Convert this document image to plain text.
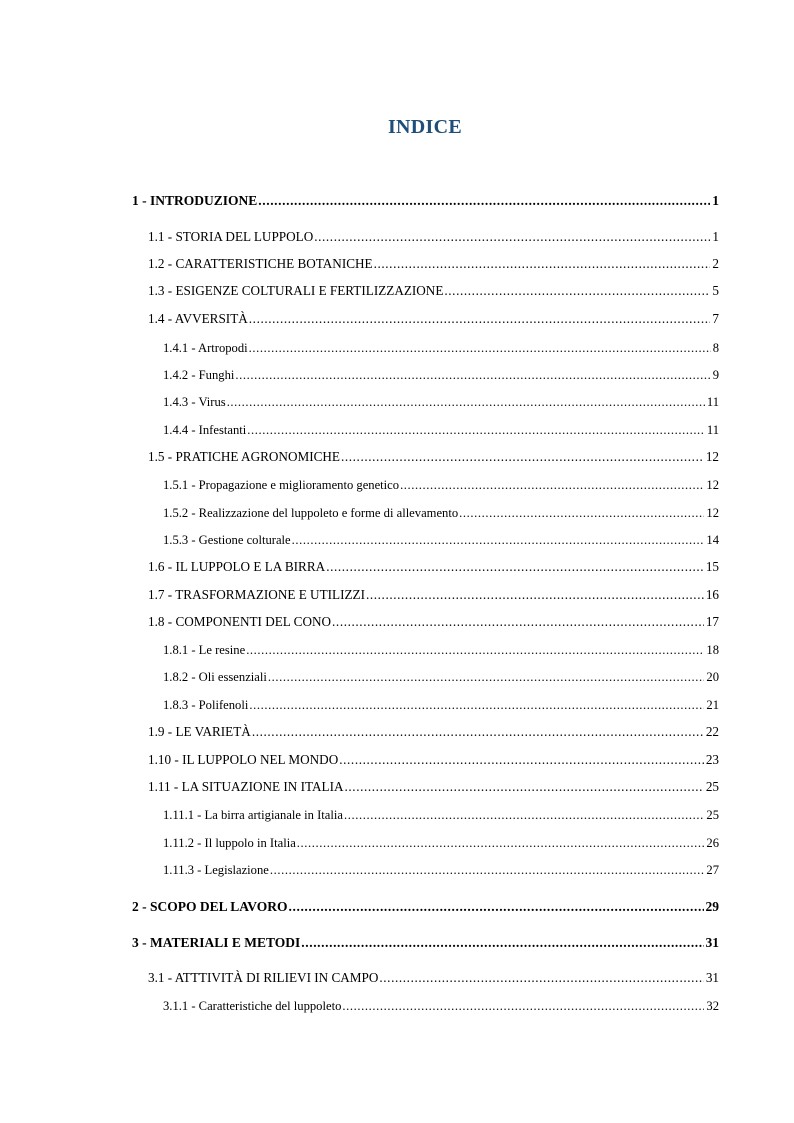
INDICE
1 - INTRODUZIONE .....	1
1.1 - STORIA DEL LUPPOLO .....	1
1.2 - CARATTERISTICHE BOTANICHE .....	2
1.3 - ESIGENZE COLTURALI E FERTILIZZAZIONE .....	5
1.4 - AVVERSITÀ .....	7
1.4.1 - Artropodi .....	8
1.4.2 - Funghi .....	9
1.4.3 - Virus .....	11
1.4.4 - Infestanti .....	11
1.5 - PRATICHE AGRONOMICHE .....	12
1.5.1 - Propagazione e miglioramento genetico .....	12
1.5.2 - Realizzazione del luppoleto e forme di allevamento .....	12
1.5.3 - Gestione colturale .....	14
1.6 - IL LUPPOLO E LA BIRRA .....	15
1.7 - TRASFORMAZIONE E UTILIZZI .....	16
1.8 - COMPONENTI DEL CONO .....	17
1.8.1 - Le resine .....	18
1.8.2 - Oli essenziali .....	20
1.8.3 - Polifenoli .....	21
1.9 - LE VARIETÀ .....	22
1.10 - IL LUPPOLO NEL MONDO .....	23
1.11 - LA SITUAZIONE IN ITALIA .....	25
1.11.1 - La birra artigianale in Italia .....	25
1.11.2 - Il luppolo in Italia .....	26
1.11.3 - Legislazione .....	27
2 - SCOPO DEL LAVORO .....	29
3 - MATERIALI E METODI .....	31
3.1 - ATTTIVITÀ DI RILIEVI IN CAMPO .....	31
3.1.1 - Caratteristiche del luppoleto .....	32
